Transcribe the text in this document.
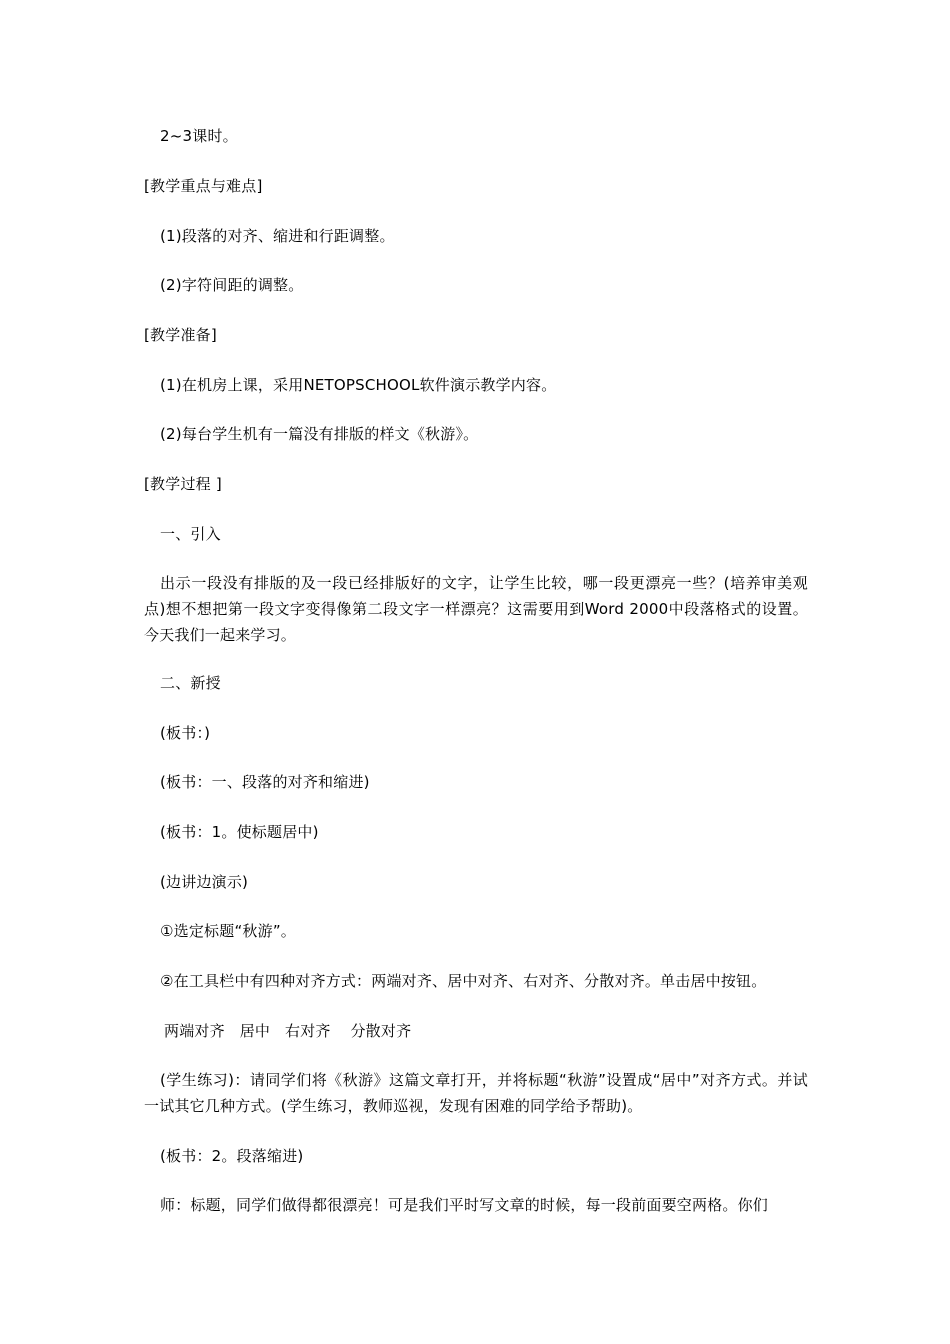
2~3课时。
[教学重点与难点]
(1)段落的对齐、缩进和行距调整。
(2)字符间距的调整。
[教学准备]
(1)在机房上课，采用NETOPSCHOOL软件演示教学内容。
(2)每台学生机有一篇没有排版的样文《秋游》。
[教学过程 ]
一、引入
出示一段没有排版的及一段已经排版好的文字，让学生比较，哪一段更漂亮一些？(培养审美观点)想不想把第一段文字变得像第二段文字一样漂亮？这需要用到Word 2000中段落格式的设置。今天我们一起来学习。
二、新授
(板书：)
(板书：一、段落的对齐和缩进)
(板书：1。使标题居中)
(边讲边演示)
①选定标题“秋游”。
②在工具栏中有四种对齐方式：两端对齐、居中对齐、右对齐、分散对齐。单击居中按钮。
两端对齐   居中   右对齐    分散对齐
(学生练习)：请同学们将《秋游》这篇文章打开，并将标题“秋游”设置成“居中”对齐方式。并试一试其它几种方式。(学生练习，教师巡视，发现有困难的同学给予帮助)。
(板书：2。段落缩进)
师：标题，同学们做得都很漂亮！可是我们平时写文章的时候，每一段前面要空两格。你们
